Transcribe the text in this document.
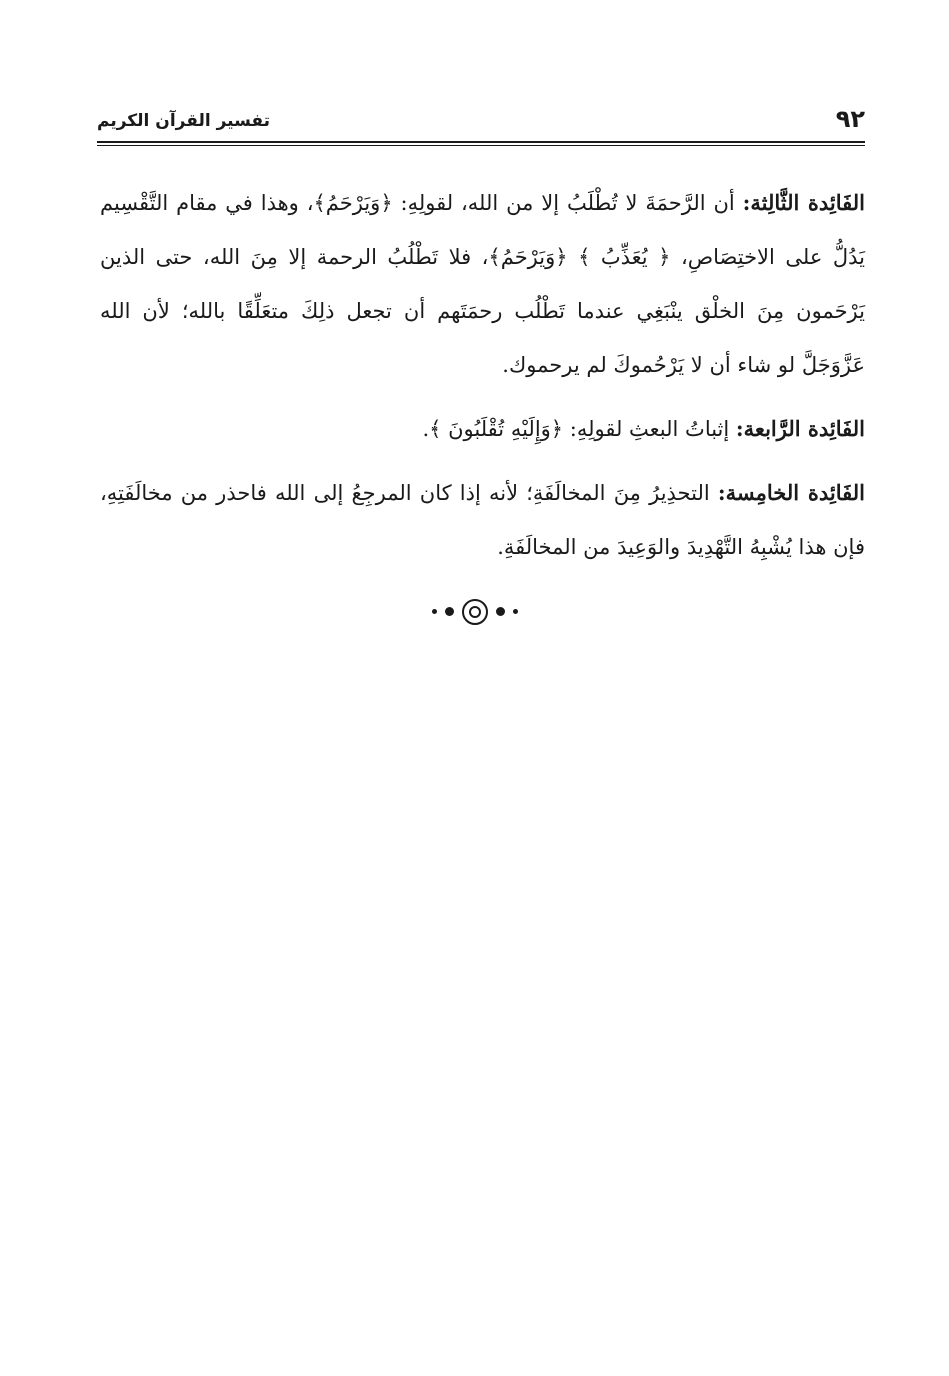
٩٢
تفسير القرآن الكريم

الفَائِدة الثَّالِثة: أن الرَّحمَةَ لا تُطْلَبُ إلا من الله، لقولِهِ: ﴿وَيَرْحَمُ﴾، وهذا في مقام التَّقْسِيم يَدُلُّ على الاختِصَاصِ، ﴿ يُعَذِّبُ ﴾ ﴿وَيَرْحَمُ﴾، فلا تَطْلُبُ الرحمة إلا مِنَ الله، حتى الذين يَرْحَمون مِنَ الخلْق ينْبَغِي عندما تَطْلُب رحمَتَهم أن تجعل ذلِكَ متعَلِّقًا بالله؛ لأن الله عَزَّوَجَلَّ لو شاء أن لا يَرْحُموكَ لم يرحموك.

الفَائِدة الرَّابعة: إثباتُ البعثِ لقولِهِ: ﴿وَإِلَيْهِ تُقْلَبُونَ ﴾.

الفَائِدة الخامِسة: التحذِيرُ مِنَ المخالَفَةِ؛ لأنه إذا كان المرجِعُ إلى الله فاحذر من مخالَفَتِهِ، فإن هذا يُشْبِهُ التَّهْدِيدَ والوَعِيدَ من المخالَفَةِ.
